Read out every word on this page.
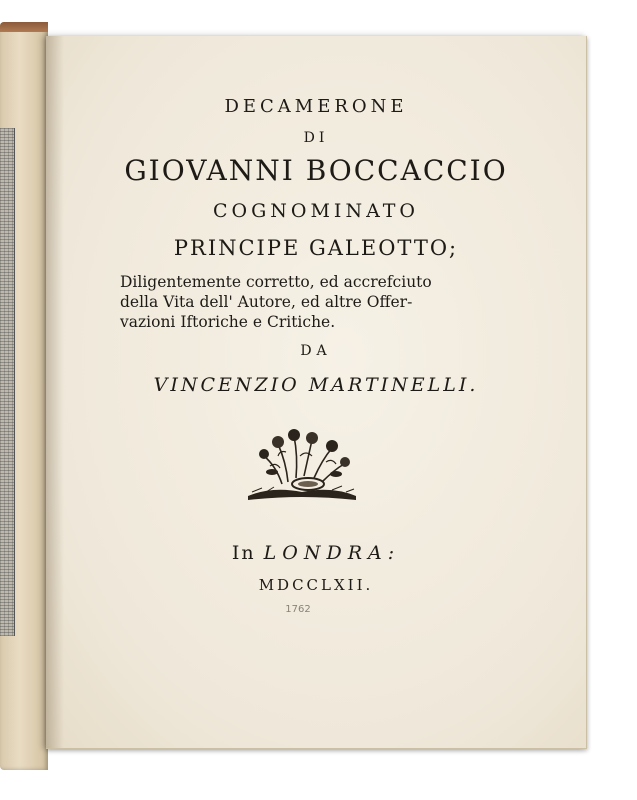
DECAMERONE
DI
GIOVANNI BOCCACCIO
COGNOMINATO
PRINCIPE GALEOTTO;
Diligentemente corretto, ed accrefciuto
della Vita dell' Autore, ed altre Offer-
vazioni Iftoriche e Critiche.
DA
VINCENZIO MARTINELLI.
In LONDRA:
MDCCLXII.
1762
